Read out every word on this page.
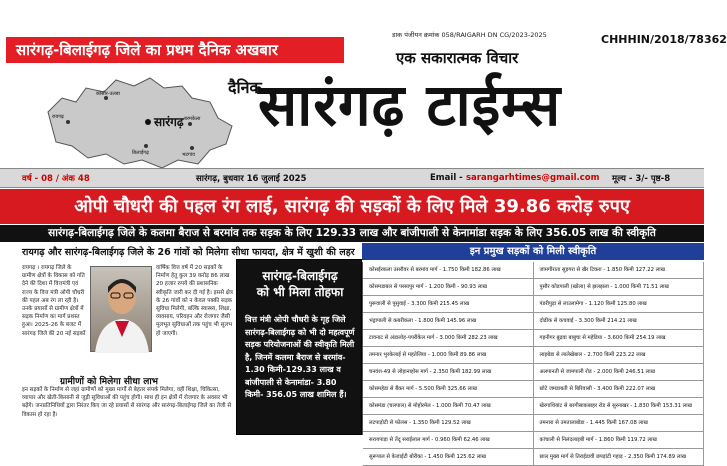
सारंगढ़-बिलाईगढ़ जिले का प्रथम दैनिक अखबार
सारंगढ़
रायगढ़
कोसीर-उलबा
बरमकेला
बिलाईगढ़	भटगांव
डाक पंजीयन क्रमांक 058/RAIGARH DN CG/2023-2025	CHHHIN/2018/78362
एक सकारात्मक विचार
दैनिक
सारंगढ़ टाईम्स
वर्ष - 08 / अंक 48	सारंगढ़, बुधवार 16 जुलाई 2025	Email - sarangarhtimes@gmail.com मूल्य - 3/- पृष्ठ-8
ओपी चौधरी की पहल रंग लाई, सारंगढ़ की सड़कों के लिए मिले 39.86 करोड़ रुपए
सारंगढ़-बिलाईगढ़ जिले के कलमा बैराज से बरमांव तक सड़क के लिए 129.33 लाख और बांजीपाली से केनामांडा सड़क के लिए 356.05 लाख की स्वीकृति
रायगढ़ और सारंगढ़-बिलाईगढ़ जिले के 26 गांवों को मिलेगा सीधा फायदा, क्षेत्र में खुशी की लहर
रायगढ़ । रायगढ़ जिले के ग्रामीण क्षेत्रों के विकास को गति देने की दिशा में वित्तमंत्री एवं राज्य के वित्त मंत्री ओपी चौधरी की पहल अब रंग ला रही है। उनके प्रयासों से ग्रामीण क्षेत्रों में सड़क निर्माण का मार्ग प्रशस्त हुआ। 2025-26 के बजट में सारंगढ़ जिले की 20 नई सड़कों
वार्षिक वित्त वर्ष में 20 सड़कों के निर्माण हेतु कुल 39 करोड़ 86 लाख 20 हजार रुपये की प्रशासनिक स्वीकृति जारी कर दी गई है। इससे क्षेत्र के 26 गांवों को न केवल पक्की सड़क सुविधा मिलेगी, बल्कि स्वास्थ्य, शिक्षा, व्यवसाय, परिवहन और रोजगार जैसी मूलभूत सुविधाओं तक पहुंच भी सुलभ हो जाएगी।
ग्रामीणों को मिलेगा सीधा लाभ
इन सड़कों के निर्माण से जहां ग्रामीणों को मुख्य मार्गों से बेहतर संपर्क मिलेगा, वहीं शिक्षा, चिकित्सा, व्यापार और खेती-किसानी से जुड़ी सुविधाओं की पहुंच होगी। साथ ही इन क्षेत्रों में रोजगार के अवसर भी बढ़ेंगे। जनप्रतिनिधियों द्वारा निरंतर किए जा रहे प्रयासों से सारंगढ़ और सारंगढ़-बिलाईगढ़ जिले का तेजी से विकास हो रहा है।
सारंगढ़-बिलाईगढ़
को भी मिला तोहफा
वित्त मंत्री ओपी चौधरी के गृह जिले सारंगढ़-बिलाईगढ़ को भी दो महत्वपूर्ण सड़क परियोजनाओं की स्वीकृति मिली है, जिनमें कलमा बैराज से बरमांव- 1.30 किमी-129.33 लाख व बांजीपाली से केनामांडा- 3.80 किमी- 356.05 लाख शामिल हैं।
इन प्रमुख सड़कों को मिली स्वीकृति
कोसईरकला उसरौवर से बरमांव मार्ग - 1.750 किमी 182.86 लाख	जामगीराता सुड़गरा से खैर टिकरा - 1.850 किमी 127.22 लाख
कोसमडाबल से परसापुर मार्ग - 1.200 किमी - 90.93 लाख	पुसौर कोडपाली (खोला) से झलझला - 1.000 किमी 71.51 लाख
पुरूवाली से पुसुवाई - 3.300 किमी 215.45 लाख	पंडरीपुड़ा से लाउलामेगा - 1.120 किमी 125.80 लाख
भंड्रापाली से कबरीकला - 1.800 किमी 145.96 लाख	दोढीक से कचवाई - 3.300 किमी 214.21 लाख
टावनाट से अंडालोह-पपरीकेल मार्ग - 3.000 किमी 282.23 लाख	गहनीगर बुढ़वा बाबुचा से महेडिया - 3.600 किमी 254.19 लाख
तमनार भुरकेलाई से महतेलिया - 1.000 किमी 89.86 लाख	लाइबेडा से लालेखेबाल - 2.700 किमी 223.22 लाख
चनवंश-49 से लोहानाहोस मार्ग - 2.350 किमी 182.99 लाख	अलपानती से जामपाली रोड - 2.000 किमी 246.51 लाख
कोसमहेडा से बैंकर मार्ग - 5.500 किमी 325.66 लाख	छोटे जमडाबती से बिरिवासी - 3.400 किमी 222.07 लाख
कोसमंडा (चलपाल) से मोहोरमेल - 1.000 किमी 70.47 लाख	खेरगाथियांट से बरगीसाकबाहर रोड से सुरनाखर - 1.830 किमी 153.31 लाख
लटपाड़ोटी से फोलस - 1.350 किमी 129.52 लाख	तमनारा से उमतालाबोडा - 1.445 किमी 167.08 लाख
सरायपाड़ा से तेंदू सराईलाल मार्ग - 0.960 किमी 62.46 लाख	कांचाली से निलंदलाइबी मार्ग - 1.860 किमी 119.72 लाख
सुरूपाल से केजाईटी बोरीका - 1.450 किमी 125.62 लाख	छाल मुख्य मार्ग से तिराईडावी छपड़ांटी गहाड़ - 2.350 किमी 174.89 लाख
